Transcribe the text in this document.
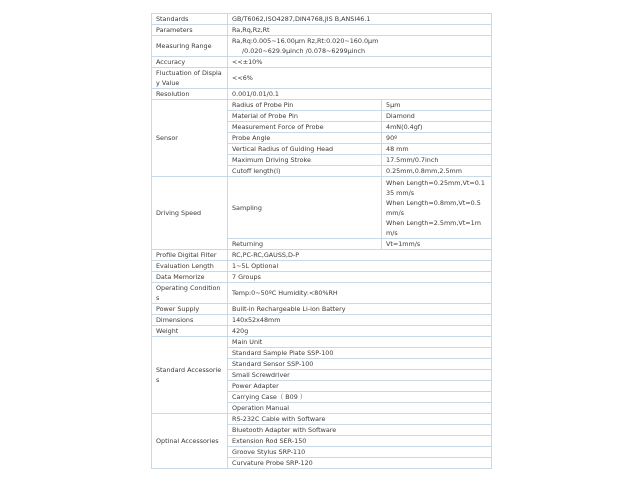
Standards	GB/T6062,ISO4287,DIN4768,JIS B,ANSI46.1	
Parameters	Ra,Rq,Rz,Rt	
Measuring Range	Ra,Rq:0.005~16.00μm Rz,Rt:0.020~160.0μm
/0.020~629.9μinch /0.078~6299μinch	

Accuracy	<<±10%	
Fluctuation of Display Value	<<6%	
Resolution	0.001/0.01/0.1	
Sensor	Radius of Probe Pin	5μm
	Material of Probe Pin	Diamond
	Measurement Force of Probe	4mN(0.4gf)
	Probe Angle	90º
	Vertical Radius of Guiding Head	48 mm
	Maximum Driving Stroke	17.5mm/0.7inch
	Cutoff length(l)	0.25mm,0.8mm,2.5mm
Driving Speed	Sampling	When Length=0.25mm,Vt=0.135 mm/s
When Length=0.8mm,Vt=0.5mm/s
When Length=2.5mm,Vt=1mm/s

	Returning	Vt=1mm/s
Profile Digital Filter	RC,PC-RC,GAUSS,D-P	
Evaluation Length	1~5L Optional	
Data Memorize	7 Groups	
Operating Conditions	Temp:0~50ºC Humidity:<80%RH	
Power Supply	Built-in Rechargeable Li-ion Battery	
Dimensions	140x52x48mm	
Weight	420g	
Standard Accessories	Main Unit	
	Standard Sample Plate SSP-100	
	Standard Sensor SSP-100	
	Small Screwdriver	
	Power Adapter	
	Carrying Case（ B09 ）	
	Operation Manual	
Optinal Accessories	RS-232C Cable with Software	
	Bluetooth Adapter with Software	
	Extension Rod SER-150	
	Groove Stylus SRP-110	
	Curvature Probe SRP-120	
